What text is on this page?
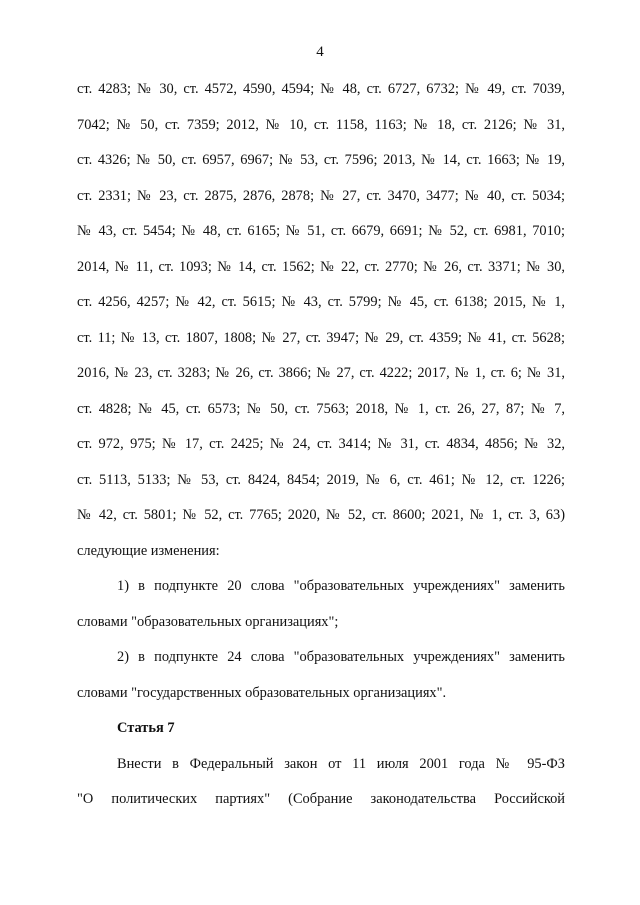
4
ст. 4283; № 30, ст. 4572, 4590, 4594; № 48, ст. 6727, 6732; № 49, ст. 7039,
7042; № 50, ст. 7359; 2012, № 10, ст. 1158, 1163; № 18, ст. 2126; № 31,
ст. 4326; № 50, ст. 6957, 6967; № 53, ст. 7596; 2013, № 14, ст. 1663; № 19,
ст. 2331; № 23, ст. 2875, 2876, 2878; № 27, ст. 3470, 3477; № 40, ст. 5034;
№ 43, ст. 5454; № 48, ст. 6165; № 51, ст. 6679, 6691; № 52, ст. 6981, 7010;
2014, № 11, ст. 1093; № 14, ст. 1562; № 22, ст. 2770; № 26, ст. 3371; № 30,
ст. 4256, 4257; № 42, ст. 5615; № 43, ст. 5799; № 45, ст. 6138; 2015, № 1,
ст. 11; № 13, ст. 1807, 1808; № 27, ст. 3947; № 29, ст. 4359; № 41, ст. 5628;
2016, № 23, ст. 3283; № 26, ст. 3866; № 27, ст. 4222; 2017, № 1, ст. 6; № 31,
ст. 4828; № 45, ст. 6573; № 50, ст. 7563; 2018, № 1, ст. 26, 27, 87; № 7,
ст. 972, 975; № 17, ст. 2425; № 24, ст. 3414; № 31, ст. 4834, 4856; № 32,
ст. 5113, 5133; № 53, ст. 8424, 8454; 2019, № 6, ст. 461; № 12, ст. 1226;
№ 42, ст. 5801; № 52, ст. 7765; 2020, № 52, ст. 8600; 2021, № 1, ст. 3, 63)
следующие изменения:
1) в подпункте 20 слова "образовательных учреждениях" заменить
словами "образовательных организациях";
2) в подпункте 24 слова "образовательных учреждениях" заменить
словами "государственных образовательных организациях".
Статья 7
Внести в Федеральный закон от 11 июля 2001 года № 95-ФЗ
"О политических партиях" (Собрание законодательства Российской
